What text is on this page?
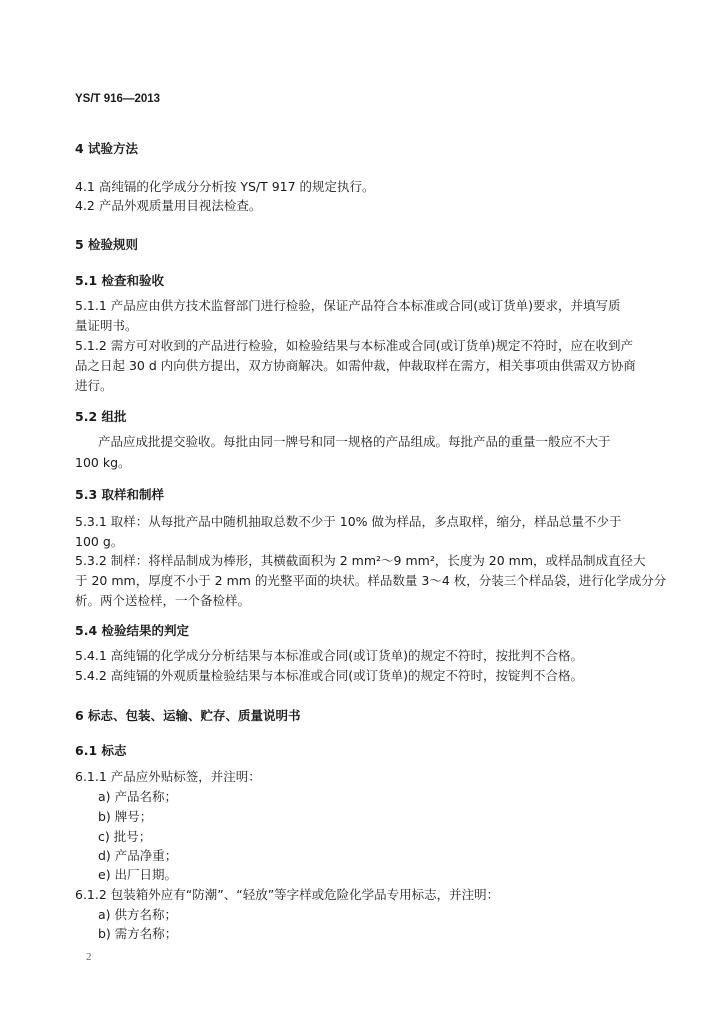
YS/T 916—2013
4 试验方法
4.1 高纯镉的化学成分分析按 YS/T 917 的规定执行。
4.2 产品外观质量用目视法检查。
5 检验规则
5.1 检查和验收
5.1.1 产品应由供方技术监督部门进行检验，保证产品符合本标准或合同(或订货单)要求，并填写质
量证明书。
5.1.2 需方可对收到的产品进行检验，如检验结果与本标准或合同(或订货单)规定不符时，应在收到产
品之日起 30 d 内向供方提出，双方协商解决。如需仲裁，仲裁取样在需方，相关事项由供需双方协商
进行。
5.2 组批
产品应成批提交验收。每批由同一牌号和同一规格的产品组成。每批产品的重量一般应不大于
100 kg。
5.3 取样和制样
5.3.1 取样：从每批产品中随机抽取总数不少于 10% 做为样品，多点取样，缩分，样品总量不少于
100 g。
5.3.2 制样：将样品制成为棒形，其横截面积为 2 mm²～9 mm²，长度为 20 mm，或样品制成直径大
于 20 mm，厚度不小于 2 mm 的光整平面的块状。样品数量 3～4 枚，分装三个样品袋，进行化学成分分
析。两个送检样，一个备检样。
5.4 检验结果的判定
5.4.1 高纯镉的化学成分分析结果与本标准或合同(或订货单)的规定不符时，按批判不合格。
5.4.2 高纯镉的外观质量检验结果与本标准或合同(或订货单)的规定不符时，按锭判不合格。
6 标志、包装、运输、贮存、质量说明书
6.1 标志
6.1.1 产品应外贴标签，并注明：
a) 产品名称；
b) 牌号；
c) 批号；
d) 产品净重；
e) 出厂日期。
6.1.2 包装箱外应有“防潮”、“轻放”等字样或危险化学品专用标志，并注明：
a) 供方名称；
b) 需方名称；
2
